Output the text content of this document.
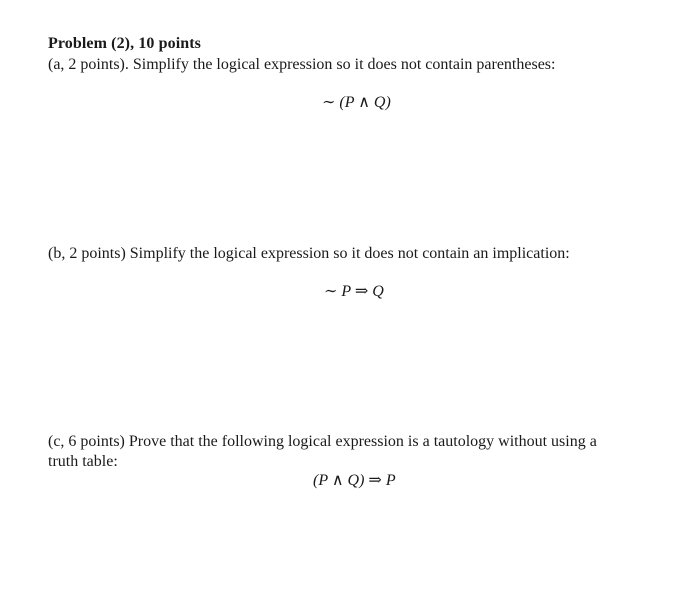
Problem (2), 10 points
(a, 2 points). Simplify the logical expression so it does not contain parentheses:
∼ (P ∧ Q)
(b, 2 points) Simplify the logical expression so it does not contain an implication:
∼ P ⇒ Q
(c, 6 points) Prove that the following logical expression is a tautology without using a
truth table:
(P ∧ Q) ⇒ P
